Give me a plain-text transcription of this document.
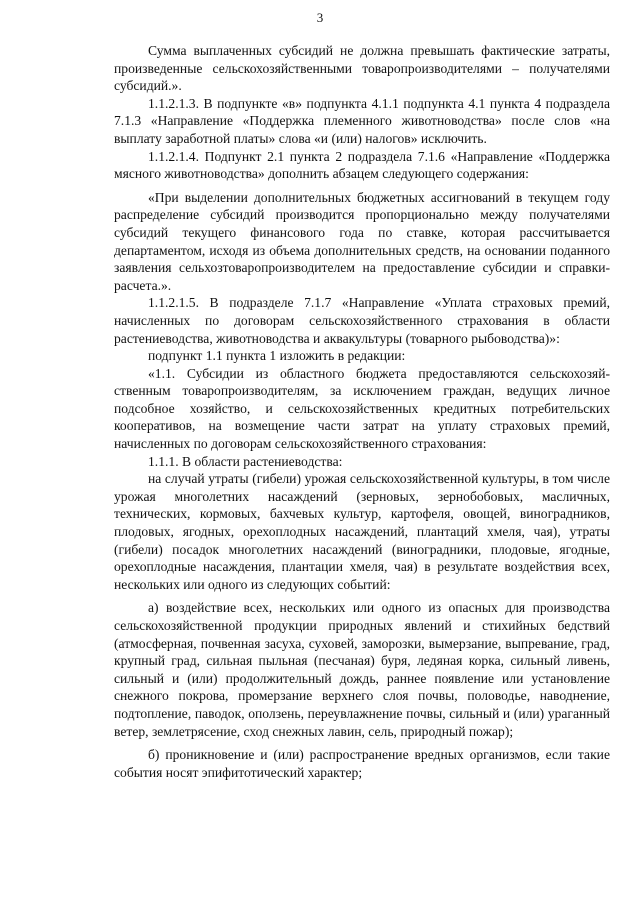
3

Сумма выплаченных субсидий не должна превышать фактические затраты, произведенные сельскохозяйственными товаропроизводителями – получателями субсидий.».

1.1.2.1.3. В подпункте «в» подпункта 4.1.1 подпункта 4.1 пункта 4 подраздела 7.1.3 «Направление «Поддержка племенного животноводства» после слов «на выплату заработной платы» слова «и (или) налогов» исключить.

1.1.2.1.4. Подпункт 2.1 пункта 2 подраздела 7.1.6 «Направление «Поддержка мясного животноводства» дополнить абзацем следующего содержания:

«При выделении дополнительных бюджетных ассигнований в текущем году распределение субсидий производится пропорционально между получателями субсидий текущего финансового года по ставке, которая рассчитывается департаментом, исходя из объема дополнительных средств, на основании поданного заявления сельхозтоваропроизводителем на предоставление субсидии и справки-расчета.».

1.1.2.1.5. В подразделе 7.1.7 «Направление «Уплата страховых премий, начисленных по договорам сельскохозяйственного страхования в области растениеводства, животноводства и аквакультуры (товарного рыбоводства)»:

подпункт 1.1 пункта 1 изложить в редакции:

«1.1. Субсидии из областного бюджета предоставляются сельскохозяйственным товаропроизводителям, за исключением граждан, ведущих личное подсобное хозяйство, и сельскохозяйственных кредитных потребительских кооперативов, на возмещение части затрат на уплату страховых премий, начисленных по договорам сельскохозяйственного страхования:

1.1.1. В области растениеводства:

на случай утраты (гибели) урожая сельскохозяйственной культуры, в том числе урожая многолетних насаждений (зерновых, зернобобовых, масличных, технических, кормовых, бахчевых культур, картофеля, овощей, виноградников, плодовых, ягодных, орехоплодных насаждений, плантаций хмеля, чая), утраты (гибели) посадок многолетних насаждений (виноградники, плодовые, ягодные, орехоплодные насаждения, плантации хмеля, чая) в результате воздействия всех, нескольких или одного из следующих событий:

а) воздействие всех, нескольких или одного из опасных для производства сельскохозяйственной продукции природных явлений и стихийных бедствий (атмосферная, почвенная засуха, суховей, заморозки, вымерзание, выпревание, град, крупный град, сильная пыльная (песчаная) буря, ледяная корка, сильный ливень, сильный и (или) продолжительный дождь, раннее появление или установление снежного покрова, промерзание верхнего слоя почвы, половодье, наводнение, подтопление, паводок, оползень, переувлажнение почвы, сильный и (или) ураганный ветер, землетрясение, сход снежных лавин, сель, природный пожар);

б) проникновение и (или) распространение вредных организмов, если такие события носят эпифитотический характер;
